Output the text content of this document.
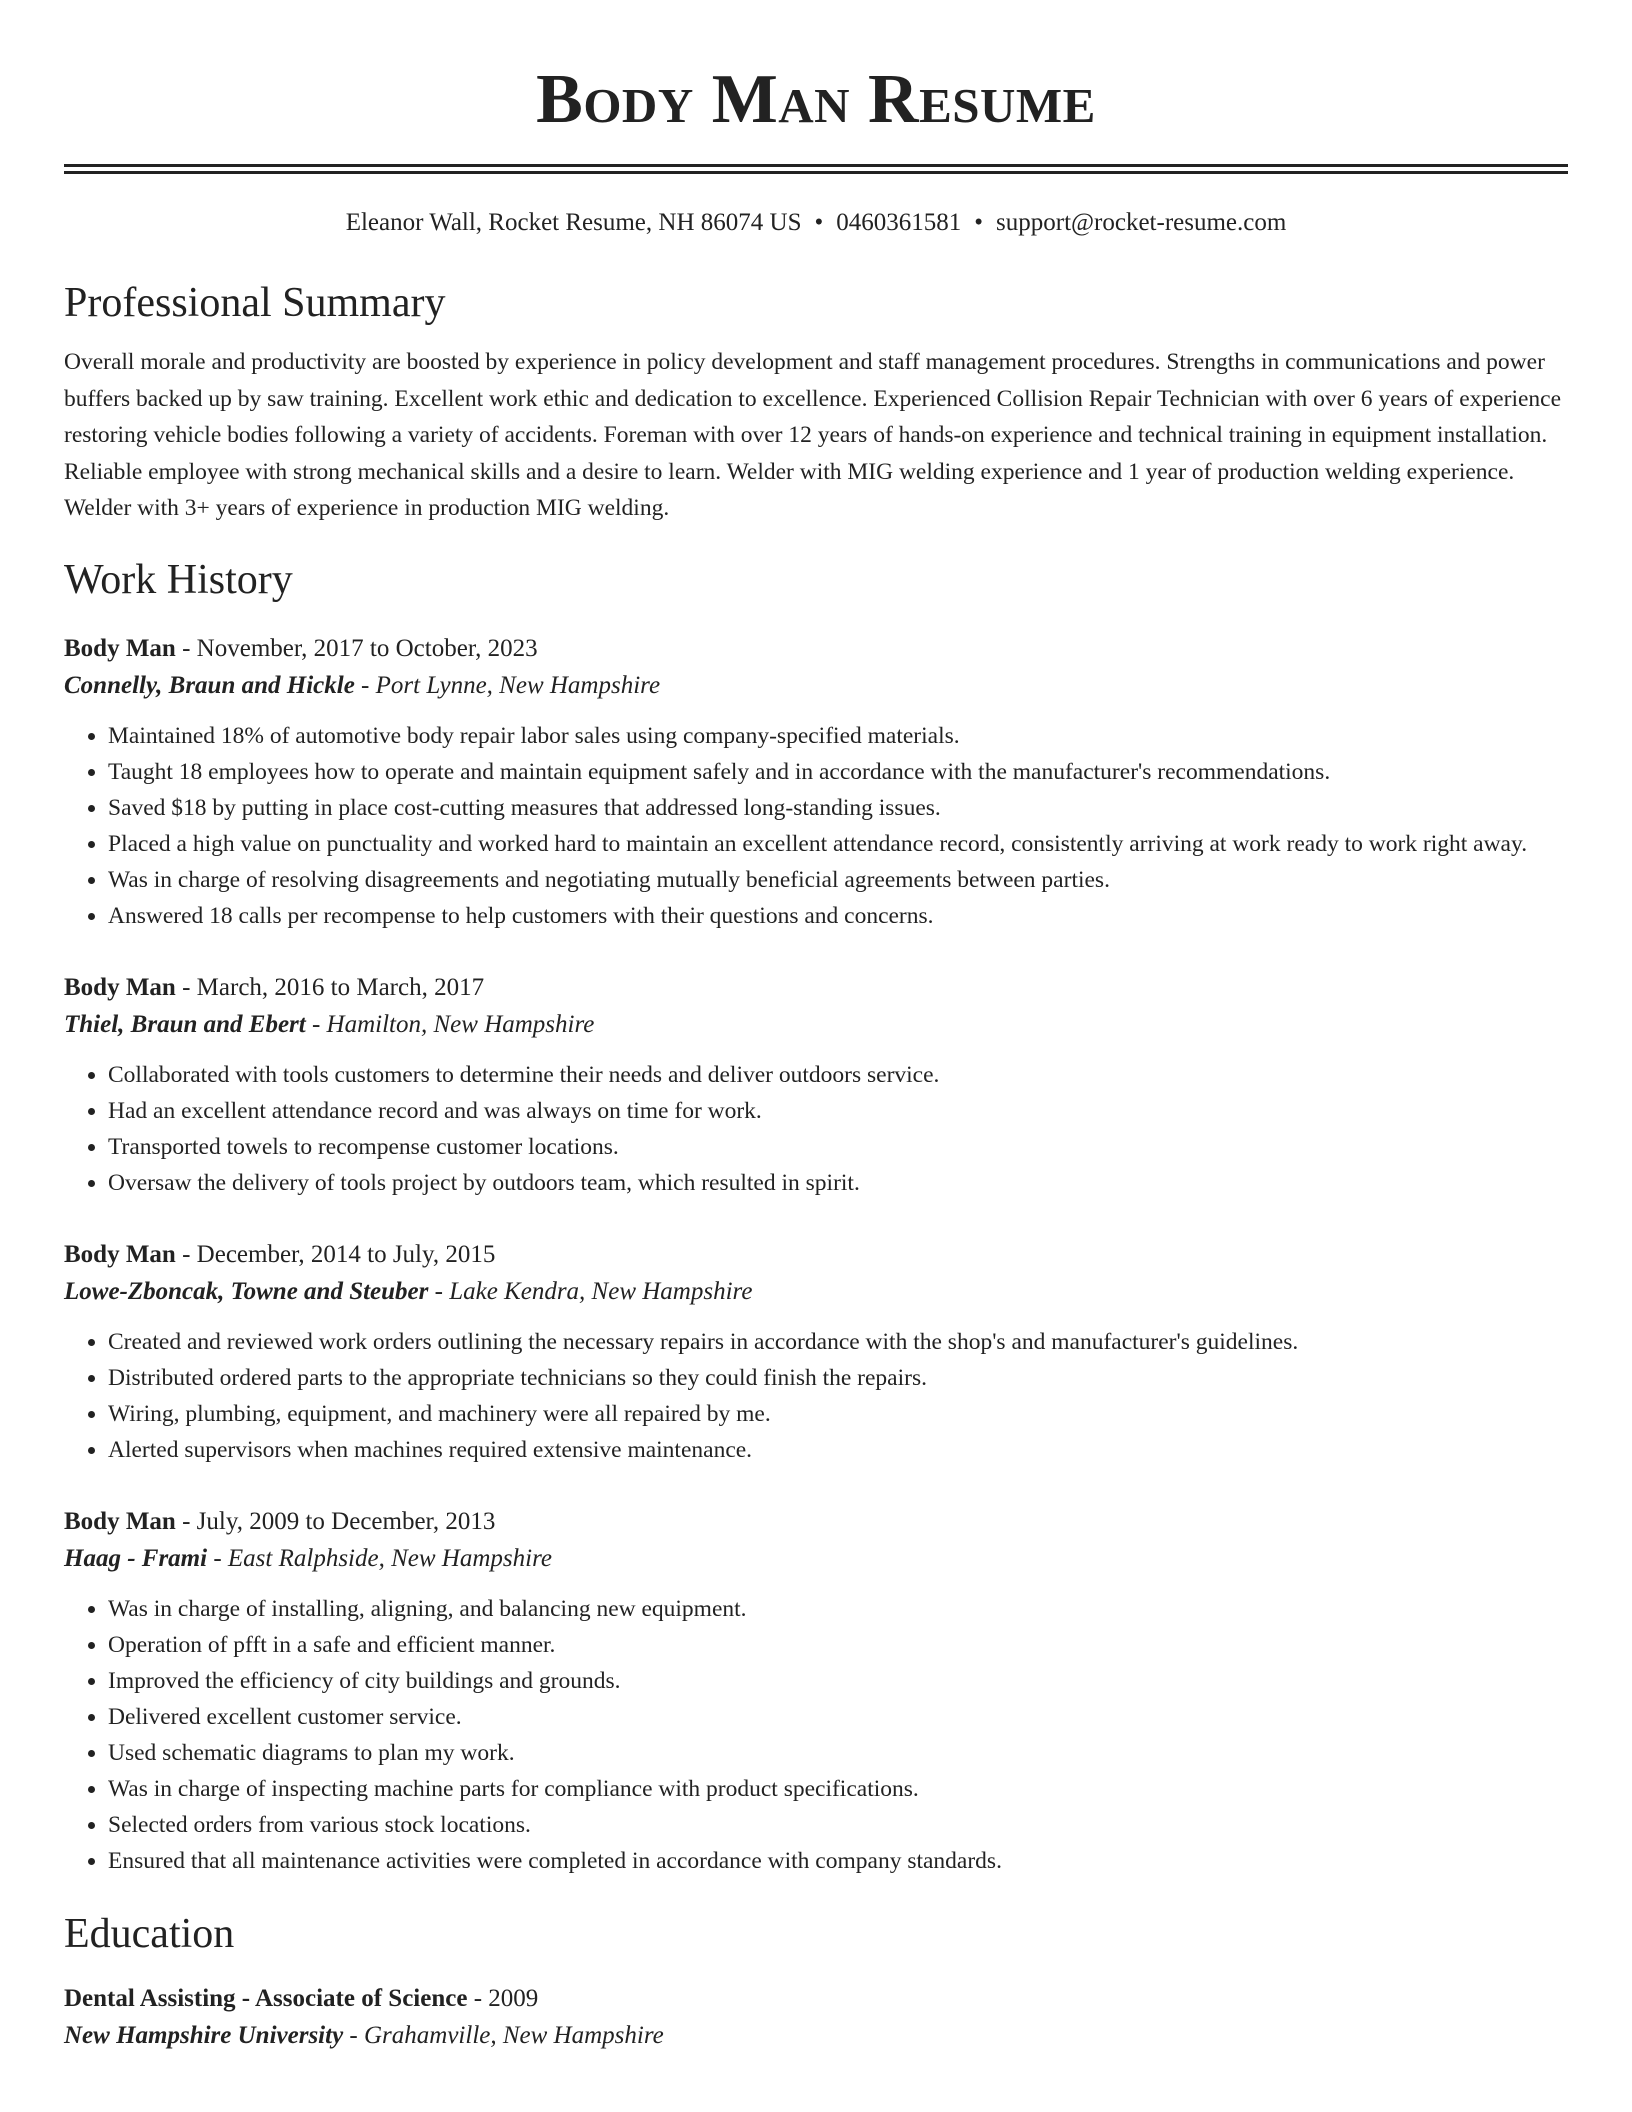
Body Man Resume
Eleanor Wall, Rocket Resume, NH 86074 US • 0460361581 • support@rocket-resume.com
Professional Summary

Overall morale and productivity are boosted by experience in policy development and staff management procedures. Strengths in communications and power buffers backed up by saw training. Excellent work ethic and dedication to excellence. Experienced Collision Repair Technician with over 6 years of experience restoring vehicle bodies following a variety of accidents. Foreman with over 12 years of hands-on experience and technical training in equipment installation. Reliable employee with strong mechanical skills and a desire to learn. Welder with MIG welding experience and 1 year of production welding experience. Welder with 3+ years of experience in production MIG welding.

Work History
Body Man - November, 2017 to October, 2023
Connelly, Braun and Hickle - Port Lynne, New Hampshire
• Maintained 18% of automotive body repair labor sales using company-specified materials.
• Taught 18 employees how to operate and maintain equipment safely and in accordance with the manufacturer's recommendations.
• Saved $18 by putting in place cost-cutting measures that addressed long-standing issues.
• Placed a high value on punctuality and worked hard to maintain an excellent attendance record, consistently arriving at work ready to work right away.
• Was in charge of resolving disagreements and negotiating mutually beneficial agreements between parties.
• Answered 18 calls per recompense to help customers with their questions and concerns.
Body Man - March, 2016 to March, 2017
Thiel, Braun and Ebert - Hamilton, New Hampshire
• Collaborated with tools customers to determine their needs and deliver outdoors service.
• Had an excellent attendance record and was always on time for work.
• Transported towels to recompense customer locations.
• Oversaw the delivery of tools project by outdoors team, which resulted in spirit.
Body Man - December, 2014 to July, 2015
Lowe-Zboncak, Towne and Steuber - Lake Kendra, New Hampshire
• Created and reviewed work orders outlining the necessary repairs in accordance with the shop's and manufacturer's guidelines.
• Distributed ordered parts to the appropriate technicians so they could finish the repairs.
• Wiring, plumbing, equipment, and machinery were all repaired by me.
• Alerted supervisors when machines required extensive maintenance.
Body Man - July, 2009 to December, 2013
Haag - Frami - East Ralphside, New Hampshire
• Was in charge of installing, aligning, and balancing new equipment.
• Operation of pfft in a safe and efficient manner.
• Improved the efficiency of city buildings and grounds.
• Delivered excellent customer service.
• Used schematic diagrams to plan my work.
• Was in charge of inspecting machine parts for compliance with product specifications.
• Selected orders from various stock locations.
• Ensured that all maintenance activities were completed in accordance with company standards.
Education
Dental Assisting - Associate of Science - 2009
New Hampshire University - Grahamville, New Hampshire
